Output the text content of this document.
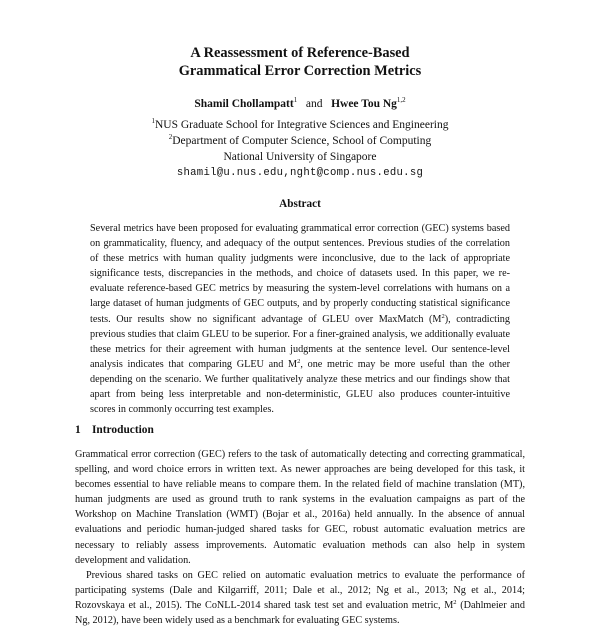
A Reassessment of Reference-Based
Grammatical Error Correction Metrics
Shamil Chollampatt$^1$ and Hwee Tou Ng$^{1,2}$
$^1$NUS Graduate School for Integrative Sciences and Engineering
$^2$Department of Computer Science, School of Computing
National University of Singapore
shamil@u.nus.edu,nght@comp.nus.edu.sg
Abstract
Several metrics have been proposed for evaluating grammatical error correction (GEC) systems based on grammaticality, fluency, and adequacy of the output sentences. Previous studies of the correlation of these metrics with human quality judgments were inconclusive, due to the lack of appropriate significance tests, discrepancies in the methods, and choice of datasets used. In this paper, we re-evaluate reference-based GEC metrics by measuring the system-level correlations with humans on a large dataset of human judgments of GEC outputs, and by properly conducting statistical significance tests. Our results show no significant advantage of GLEU over MaxMatch $(M^2)$, contradicting previous studies that claim GLEU to be superior. For a finer-grained analysis, we additionally evaluate these metrics for their agreement with human judgments at the sentence level. Our sentence-level analysis indicates that comparing GLEU and $M^2$, one metric may be more useful than the other depending on the scenario. We further qualitatively analyze these metrics and our findings show that apart from being less interpretable and non-deterministic, GLEU also produces counter-intuitive scores in commonly occurring test examples.
1 Introduction

Grammatical error correction (GEC) refers to the task of automatically detecting and correcting grammatical, spelling, and word choice errors in written text. As newer approaches are being developed for this task, it becomes essential to have reliable means to compare them. In the related field of machine translation (MT), human judgments are used as ground truth to rank systems in the evaluation campaigns as part of the Workshop on Machine Translation (WMT) (Bojar et al., 2016a) held annually. In the absence of annual evaluations and periodic human-judged shared tasks for GEC, robust automatic evaluation metrics are necessary to reliably assess improvements. Automatic evaluation methods can also help in system development and validation.

Previous shared tasks on GEC relied on automatic evaluation metrics to evaluate the performance of participating systems (Dale and Kilgarriff, 2011; Dale et al., 2012; Ng et al., 2013; Ng et al., 2014; Rozovskaya et al., 2015). The CoNLL-2014 shared task test set and evaluation metric, $M^2$ (Dahlmeier and Ng, 2012), have been widely used as a benchmark for evaluating GEC systems.
